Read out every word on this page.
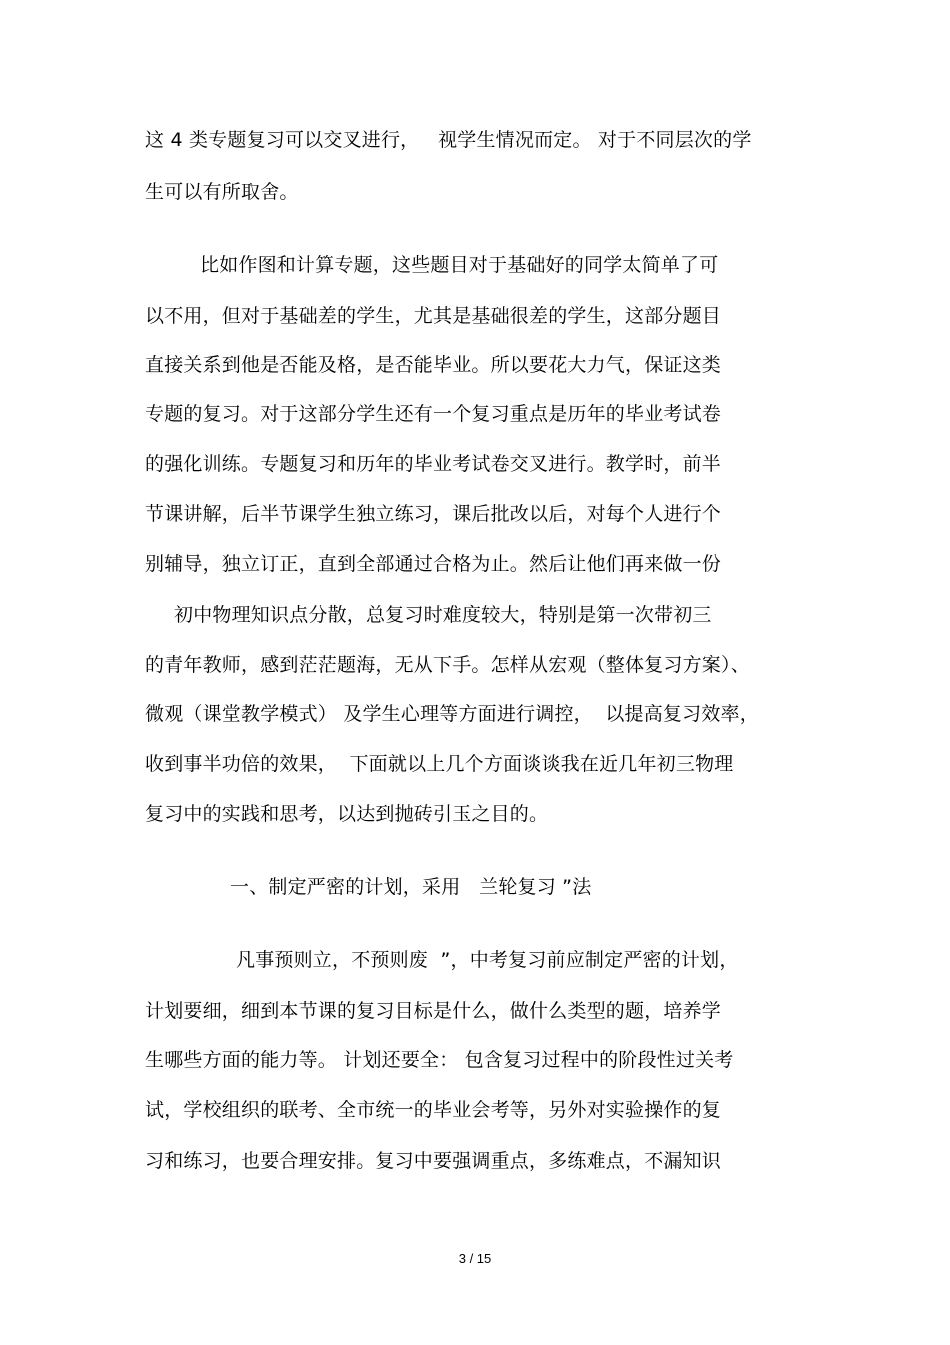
这 4 类专题复习可以交叉进行，   视学生情况而定。 对于不同层次的学
生可以有所取舍。
比如作图和计算专题，这些题目对于基础好的同学太简单了可
以不用，但对于基础差的学生，尤其是基础很差的学生，这部分题目
直接关系到他是否能及格，是否能毕业。所以要花大力气，保证这类
专题的复习。对于这部分学生还有一个复习重点是历年的毕业考试卷
的强化训练。专题复习和历年的毕业考试卷交叉进行。教学时，前半
节课讲解，后半节课学生独立练习，课后批改以后，对每个人进行个
别辅导，独立订正，直到全部通过合格为止。然后让他们再来做一份
初中物理知识点分散，总复习时难度较大，特别是第一次带初三
的青年教师，感到茫茫题海，无从下手。怎样从宏观（整体复习方案）、
微观（课堂教学模式） 及学生心理等方面进行调控，  以提高复习效率，
收到事半功倍的效果，  下面就以上几个方面谈谈我在近几年初三物理
复习中的实践和思考，以达到抛砖引玉之目的。
一、制定严密的计划，采用   兰轮复习 ”法
凡事预则立，不预则废  ”，中考复习前应制定严密的计划，
计划要细，细到本节课的复习目标是什么，做什么类型的题，培养学
生哪些方面的能力等。 计划还要全： 包含复习过程中的阶段性过关考
试，学校组织的联考、全市统一的毕业会考等，另外对实验操作的复
习和练习，也要合理安排。复习中要强调重点，多练难点，不漏知识
3 / 15
